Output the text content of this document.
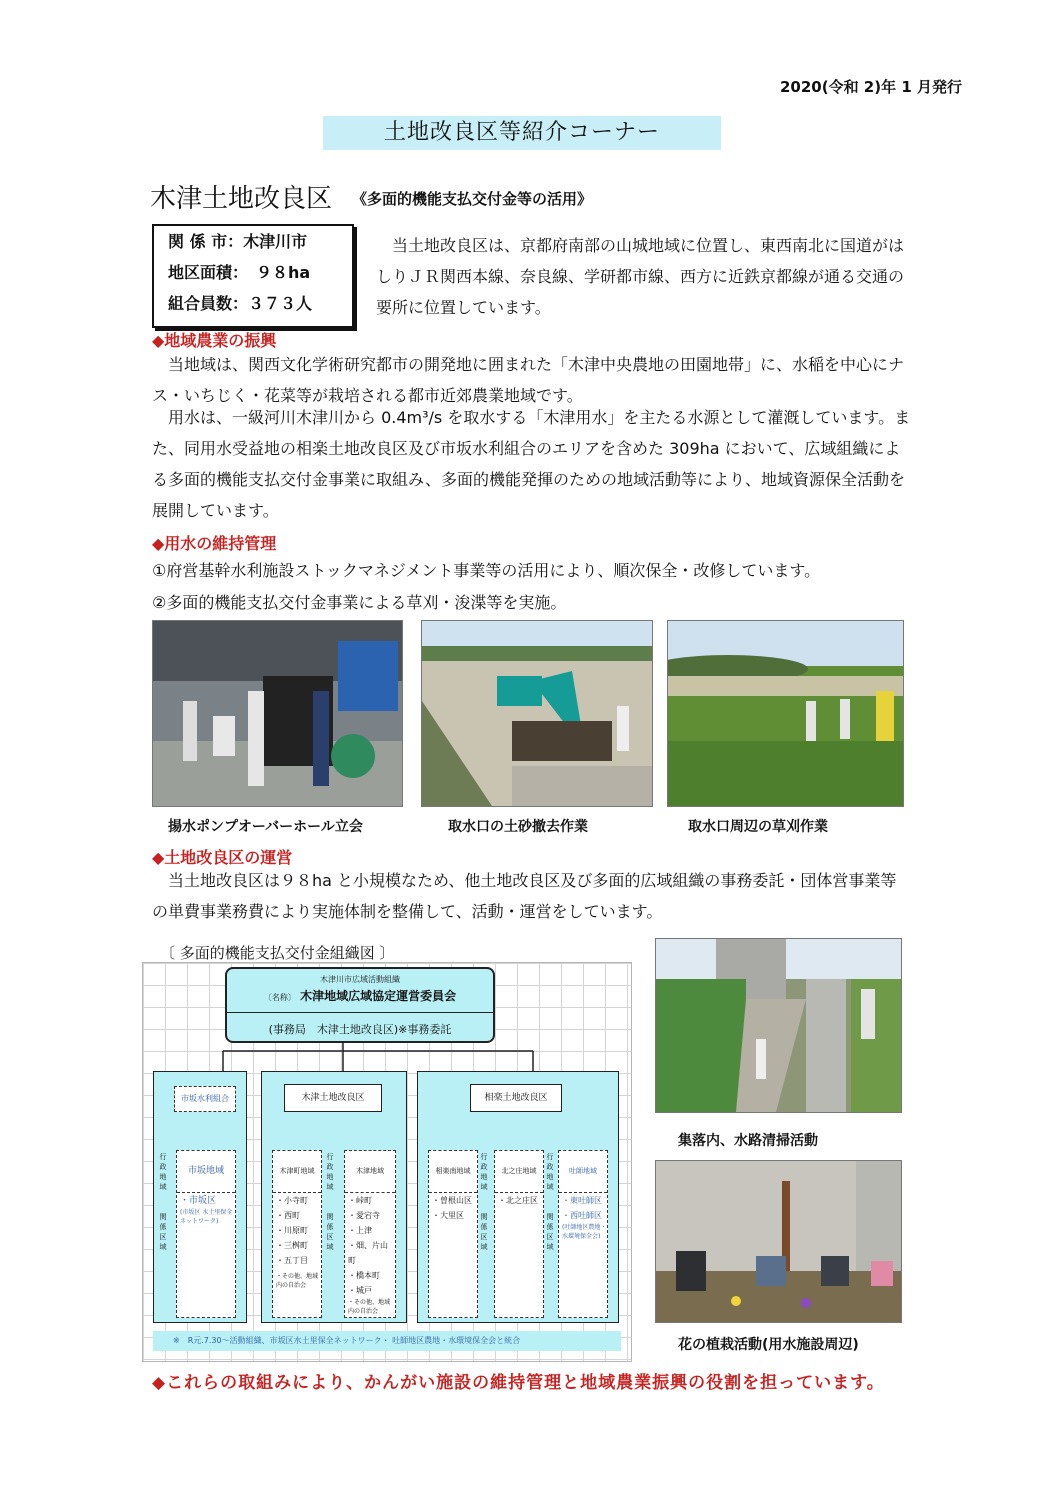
2020(令和 2)年 1 月発行
土地改良区等紹介コーナー
木津土地改良区 《多面的機能支払交付金等の活用》
関 係 市：木津川市
地区面積：　９８ha
組合員数：３７３人
当土地改良区は、京都府南部の山城地域に位置し、東西南北に国道がはしりＪＲ関西本線、奈良線、学研都市線、西方に近鉄京都線が通る交通の要所に位置しています。
◆地域農業の振興
当地域は、関西文化学術研究都市の開発地に囲まれた「木津中央農地の田園地帯」に、水稲を中心にナス・いちじく・花菜等が栽培される都市近郊農業地域です。
用水は、一級河川木津川から 0.4m³/s を取水する「木津用水」を主たる水源として灌漑しています。また、同用水受益地の相楽土地改良区及び市坂水利組合のエリアを含めた 309ha において、広域組織による多面的機能支払交付金事業に取組み、多面的機能発揮のための地域活動等により、地域資源保全活動を展開しています。
◆用水の維持管理
①府営基幹水利施設ストックマネジメント事業等の活用により、順次保全・改修しています。
②多面的機能支払交付金事業による草刈・浚渫等を実施。
揚水ポンプオーバーホール立会	取水口の土砂撤去作業	取水口周辺の草刈作業
◆土地改良区の運営
当土地改良区は９８ha と小規模なため、他土地改良区及び多面的広域組織の事務委託・団体営事業等の単費事業務費により実施体制を整備して、活動・運営をしています。
〔 多面的機能支払交付金組織図 〕
木津川市広域活動組織
〔名称〕 木津地域広域協定運営委員会
(事務局　木津土地改良区)※事務委託
市坂水利組合
行政地域
関係区域
市坂地域
・市坂区
(市坂区 水土里保全ネットワーク)
木津土地改良区
木津町地域
・小寺町
・西町
・川原町
・三桝町
・五丁目
・その他、地域内の自治会
行政地域
関係区域
木津地域
・峠町
・愛宕寺
・上津
・畑、片山町
・橋本町
・城戸
・その他、地域内の自治会
相楽土地改良区
相楽南地域
・曽根山区
・大里区
行政地域
関係区域
北之庄地域
・北之庄区
行政地域
関係区域
吐師地域
・東吐師区
・西吐師区
(吐師地区農地・水環境保全会)
※　R元.7.30～活動組織、市坂区水土里保全ネットワーク・ 吐師地区農地・水環境保全会と統合
集落内、水路清掃活動
花の植栽活動(用水施設周辺)
◆これらの取組みにより、かんがい施設の維持管理と地域農業振興の役割を担っています。
